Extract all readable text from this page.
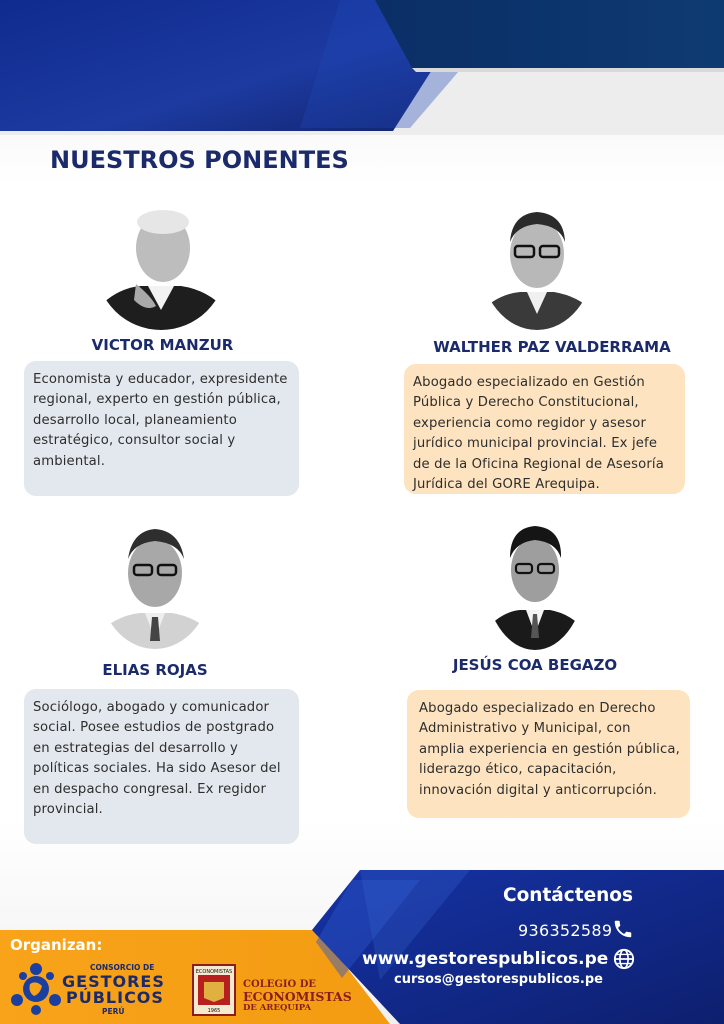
NUESTROS PONENTES
VICTOR MANZUR
Economista y educador, expresidente regional, experto en gestión pública, desarrollo local, planeamiento estratégico, consultor social y ambiental.
WALTHER PAZ VALDERRAMA
Abogado especializado en Gestión Pública y Derecho Constitucional, experiencia como regidor y asesor jurídico municipal provincial. Ex jefe de de la Oficina Regional de Asesoría Jurídica del GORE Arequipa.
ELIAS ROJAS
Sociólogo, abogado y comunicador social. Posee estudios de postgrado en estrategias del desarrollo y políticas sociales. Ha sido Asesor del en despacho congresal. Ex regidor provincial.
JESÚS COA BEGAZO
Abogado especializado en Derecho Administrativo y Municipal, con amplia experiencia en gestión pública, liderazgo ético, capacitación, innovación digital y anticorrupción.
Organizan:
CONSORCIO DE
GESTORES
PÚBLICOS
PERÚ
ECONOMISTAS
1965
COLEGIO DE
ECONOMISTAS
DE AREQUIPA
Contáctenos
936352589
www.gestorespublicos.pe
cursos@gestorespublicos.pe
